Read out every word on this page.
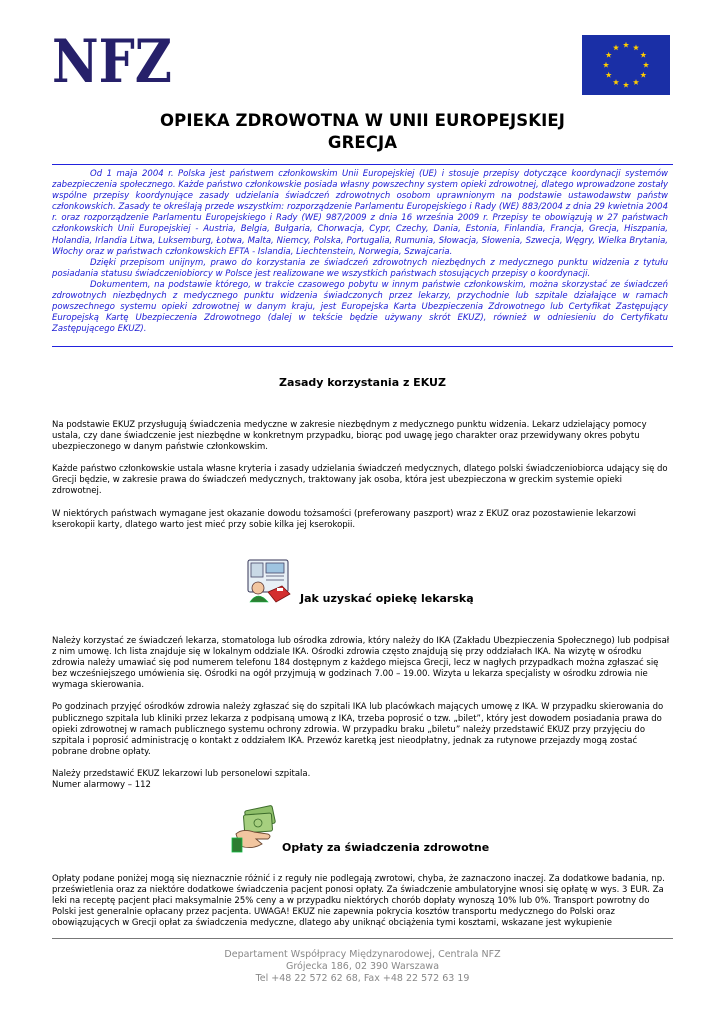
NFZ
OPIEKA ZDROWOTNA W UNII EUROPEJSKIEJ
GRECJA

Od 1 maja 2004 r. Polska jest państwem członkowskim Unii Europejskiej (UE) i stosuje przepisy dotyczące koordynacji systemów zabezpieczenia społecznego. Każde państwo członkowskie posiada własny powszechny system opieki zdrowotnej, dlatego wprowadzone zostały wspólne przepisy koordynujące zasady udzielania świadczeń zdrowotnych osobom uprawnionym na podstawie ustawodawstw państw członkowskich. Zasady te określają przede wszystkim: rozporządzenie Parlamentu Europejskiego i Rady (WE) 883/2004 z dnia 29 kwietnia 2004 r. oraz rozporządzenie Parlamentu Europejskiego i Rady (WE) 987/2009 z dnia 16 września 2009 r. Przepisy te obowiązują w 27 państwach członkowskich Unii Europejskiej - Austria, Belgia, Bułgaria, Chorwacja, Cypr, Czechy, Dania, Estonia, Finlandia, Francja, Grecja, Hiszpania, Holandia, Irlandia Litwa, Luksemburg, Łotwa, Malta, Niemcy, Polska, Portugalia, Rumunia, Słowacja, Słowenia, Szwecja, Węgry, Wielka Brytania, Włochy oraz w państwach członkowskich EFTA - Islandia, Liechtenstein, Norwegia, Szwajcaria.

Dzięki przepisom unijnym, prawo do korzystania ze świadczeń zdrowotnych niezbędnych z medycznego punktu widzenia z tytułu posiadania statusu świadczeniobiorcy w Polsce jest realizowane we wszystkich państwach stosujących przepisy o koordynacji.

Dokumentem, na podstawie którego, w trakcie czasowego pobytu w innym państwie członkowskim, można skorzystać ze świadczeń zdrowotnych niezbędnych z medycznego punktu widzenia świadczonych przez lekarzy, przychodnie lub szpitale działające w ramach powszechnego systemu opieki zdrowotnej w danym kraju, jest Europejska Karta Ubezpieczenia Zdrowotnego lub Certyfikat Zastępujący Europejską Kartę Ubezpieczenia Zdrowotnego (dalej w tekście będzie używany skrót EKUZ), również w odniesieniu do Certyfikatu Zastępującego EKUZ).

Zasady korzystania z EKUZ

Na podstawie EKUZ przysługują świadczenia medyczne w zakresie niezbędnym z medycznego punktu widzenia. Lekarz udzielający pomocy ustala, czy dane świadczenie jest niezbędne w konkretnym przypadku, biorąc pod uwagę jego charakter oraz przewidywany okres pobytu ubezpieczonego w danym państwie członkowskim.

Każde państwo członkowskie ustala własne kryteria i zasady udzielania świadczeń medycznych, dlatego polski świadczeniobiorca udający się do Grecji będzie, w zakresie prawa do świadczeń medycznych, traktowany jak osoba, która jest ubezpieczona w greckim systemie opieki zdrowotnej.

W niektórych państwach wymagane jest okazanie dowodu tożsamości (preferowany paszport) wraz z EKUZ oraz pozostawienie lekarzowi kserokopii karty, dlatego warto jest mieć przy sobie kilka jej kserokopii.

Jak uzyskać opiekę lekarską

Należy korzystać ze świadczeń lekarza, stomatologa lub ośrodka zdrowia, który należy do IKA (Zakładu Ubezpieczenia Społecznego) lub podpisał z nim umowę. Ich lista znajduje się w lokalnym oddziale IKA. Ośrodki zdrowia często znajdują się przy oddziałach IKA. Na wizytę w ośrodku zdrowia należy umawiać się pod numerem telefonu 184 dostępnym z każdego miejsca Grecji, lecz w nagłych przypadkach można zgłaszać się bez wcześniejszego umówienia się. Ośrodki na ogół przyjmują w godzinach 7.00 – 19.00. Wizyta u lekarza specjalisty w ośrodku zdrowia nie wymaga skierowania.

Po godzinach przyjęć ośrodków zdrowia należy zgłaszać się do szpitali IKA lub placówkach mających umowę z IKA. W przypadku skierowania do publicznego szpitala lub kliniki przez lekarza z podpisaną umową z IKA, trzeba poprosić o tzw. „bilet”, który jest dowodem posiadania prawa do opieki zdrowotnej w ramach publicznego systemu ochrony zdrowia. W przypadku braku „biletu” należy przedstawić EKUZ przy przyjęciu do szpitala i poprosić administrację o kontakt z oddziałem IKA. Przewóz karetką jest nieodpłatny, jednak za rutynowe przejazdy mogą zostać pobrane drobne opłaty.

Należy przedstawić EKUZ lekarzowi lub personelowi szpitala.
Numer alarmowy – 112

Opłaty za świadczenia zdrowotne

Opłaty podane poniżej mogą się nieznacznie różnić i z reguły nie podlegają zwrotowi, chyba, że zaznaczono inaczej. Za dodatkowe badania, np. prześwietlenia oraz za niektóre dodatkowe świadczenia pacjent ponosi opłaty. Za świadczenie ambulatoryjne wnosi się opłatę w wys. 3 EUR. Za leki na receptę pacjent płaci maksymalnie 25% ceny a w przypadku niektórych chorób dopłaty wynoszą 10% lub 0%. Transport powrotny do Polski jest generalnie opłacany przez pacjenta. UWAGA! EKUZ nie zapewnia pokrycia kosztów transportu medycznego do Polski oraz obowiązujących w Grecji opłat za świadczenia medyczne, dlatego aby uniknąć obciążenia tymi kosztami, wskazane jest wykupienie

Departament Współpracy Międzynarodowej, Centrala NFZ
Grójecka 186, 02 390 Warszawa
Tel +48 22 572 62 68, Fax +48 22 572 63 19
